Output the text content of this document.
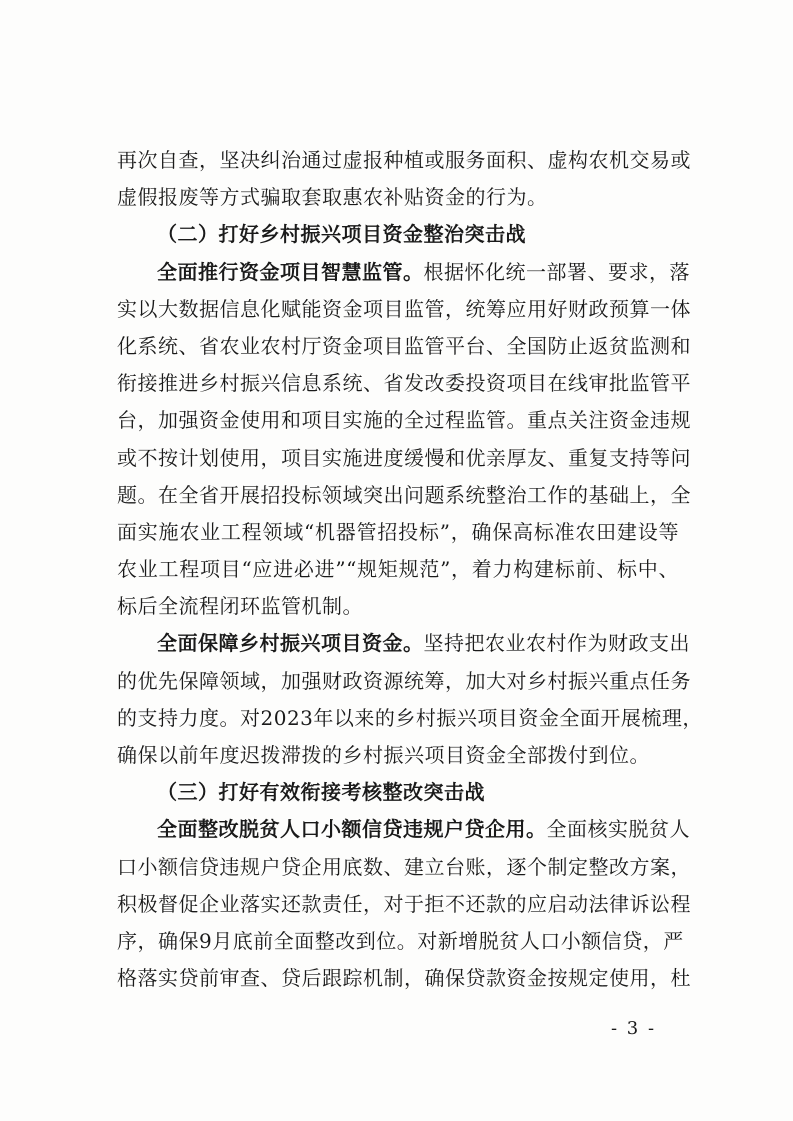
再次自查，坚决纠治通过虚报种植或服务面积、虚构农机交易或
虚假报废等方式骗取套取惠农补贴资金的行为。
（二）打好乡村振兴项目资金整治突击战
全面推行资金项目智慧监管。根据怀化统一部署、要求，落
实以大数据信息化赋能资金项目监管，统筹应用好财政预算一体
化系统、省农业农村厅资金项目监管平台、全国防止返贫监测和
衔接推进乡村振兴信息系统、省发改委投资项目在线审批监管平
台，加强资金使用和项目实施的全过程监管。重点关注资金违规
或不按计划使用，项目实施进度缓慢和优亲厚友、重复支持等问
题。在全省开展招投标领域突出问题系统整治工作的基础上，全
面实施农业工程领域“机器管招投标”，确保高标准农田建设等
农业工程项目“应进必进”“规矩规范”，着力构建标前、标中、
标后全流程闭环监管机制。
全面保障乡村振兴项目资金。坚持把农业农村作为财政支出
的优先保障领域，加强财政资源统筹，加大对乡村振兴重点任务
的支持力度。对2023年以来的乡村振兴项目资金全面开展梳理，
确保以前年度迟拨滞拨的乡村振兴项目资金全部拨付到位。
（三）打好有效衔接考核整改突击战
全面整改脱贫人口小额信贷违规户贷企用。全面核实脱贫人
口小额信贷违规户贷企用底数、建立台账，逐个制定整改方案，
积极督促企业落实还款责任，对于拒不还款的应启动法律诉讼程
序，确保9月底前全面整改到位。对新增脱贫人口小额信贷，严
格落实贷前审查、贷后跟踪机制，确保贷款资金按规定使用，杜
- 3 -
